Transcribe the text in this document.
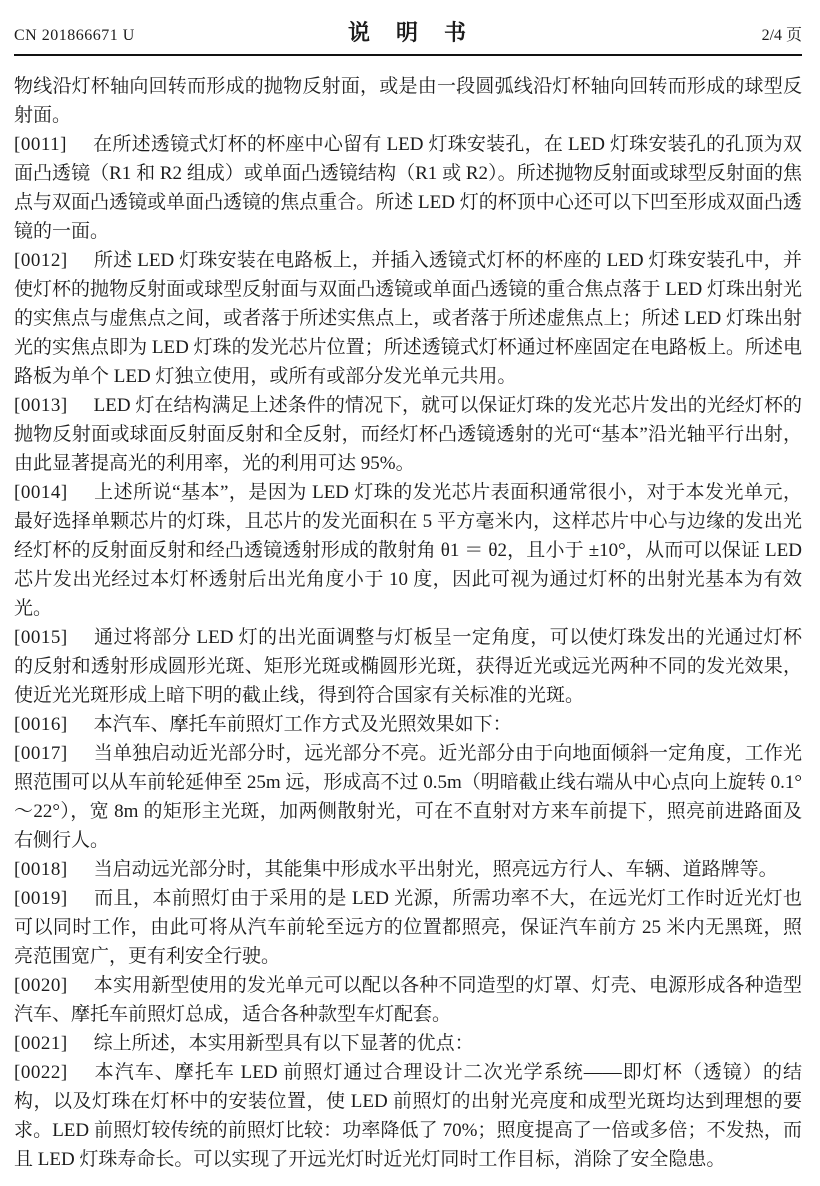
CN 201866671 U	说　明　书	2/4 页

物线沿灯杯轴向回转而形成的抛物反射面，或是由一段圆弧线沿灯杯轴向回转而形成的球型反射面。

[0011] 在所述透镜式灯杯的杯座中心留有 LED 灯珠安装孔，在 LED 灯珠安装孔的孔顶为双面凸透镜（R1 和 R2 组成）或单面凸透镜结构（R1 或 R2）。所述抛物反射面或球型反射面的焦点与双面凸透镜或单面凸透镜的焦点重合。所述 LED 灯的杯顶中心还可以下凹至形成双面凸透镜的一面。

[0012] 所述 LED 灯珠安装在电路板上，并插入透镜式灯杯的杯座的 LED 灯珠安装孔中，并使灯杯的抛物反射面或球型反射面与双面凸透镜或单面凸透镜的重合焦点落于 LED 灯珠出射光的实焦点与虚焦点之间，或者落于所述实焦点上，或者落于所述虚焦点上；所述 LED 灯珠出射光的实焦点即为 LED 灯珠的发光芯片位置；所述透镜式灯杯通过杯座固定在电路板上。所述电路板为单个 LED 灯独立使用，或所有或部分发光单元共用。

[0013] LED 灯在结构满足上述条件的情况下，就可以保证灯珠的发光芯片发出的光经灯杯的抛物反射面或球面反射面反射和全反射，而经灯杯凸透镜透射的光可“基本”沿光轴平行出射，由此显著提高光的利用率，光的利用可达 95%。

[0014] 上述所说“基本”，是因为 LED 灯珠的发光芯片表面积通常很小，对于本发光单元，最好选择单颗芯片的灯珠，且芯片的发光面积在 5 平方毫米内，这样芯片中心与边缘的发出光经灯杯的反射面反射和经凸透镜透射形成的散射角 θ1 ＝ θ2，且小于 ±10°，从而可以保证 LED 芯片发出光经过本灯杯透射后出光角度小于 10 度，因此可视为通过灯杯的出射光基本为有效光。

[0015] 通过将部分 LED 灯的出光面调整与灯板呈一定角度，可以使灯珠发出的光通过灯杯的反射和透射形成圆形光斑、矩形光斑或椭圆形光斑，获得近光或远光两种不同的发光效果，使近光光斑形成上暗下明的截止线，得到符合国家有关标准的光斑。

[0016] 本汽车、摩托车前照灯工作方式及光照效果如下：

[0017] 当单独启动近光部分时，远光部分不亮。近光部分由于向地面倾斜一定角度，工作光照范围可以从车前轮延伸至 25m 远，形成高不过 0.5m（明暗截止线右端从中心点向上旋转 0.1°～22°），宽 8m 的矩形主光斑，加两侧散射光，可在不直射对方来车前提下，照亮前进路面及右侧行人。

[0018] 当启动远光部分时，其能集中形成水平出射光，照亮远方行人、车辆、道路牌等。

[0019] 而且，本前照灯由于采用的是 LED 光源，所需功率不大，在远光灯工作时近光灯也可以同时工作，由此可将从汽车前轮至远方的位置都照亮，保证汽车前方 25 米内无黑斑，照亮范围宽广，更有利安全行驶。

[0020] 本实用新型使用的发光单元可以配以各种不同造型的灯罩、灯壳、电源形成各种造型汽车、摩托车前照灯总成，适合各种款型车灯配套。

[0021] 综上所述，本实用新型具有以下显著的优点：

[0022] 本汽车、摩托车 LED 前照灯通过合理设计二次光学系统——即灯杯（透镜）的结构，以及灯珠在灯杯中的安装位置，使 LED 前照灯的出射光亮度和成型光斑均达到理想的要求。LED 前照灯较传统的前照灯比较：功率降低了 70%；照度提高了一倍或多倍；不发热，而且 LED 灯珠寿命长。可以实现了开远光灯时近光灯同时工作目标，消除了安全隐患。
